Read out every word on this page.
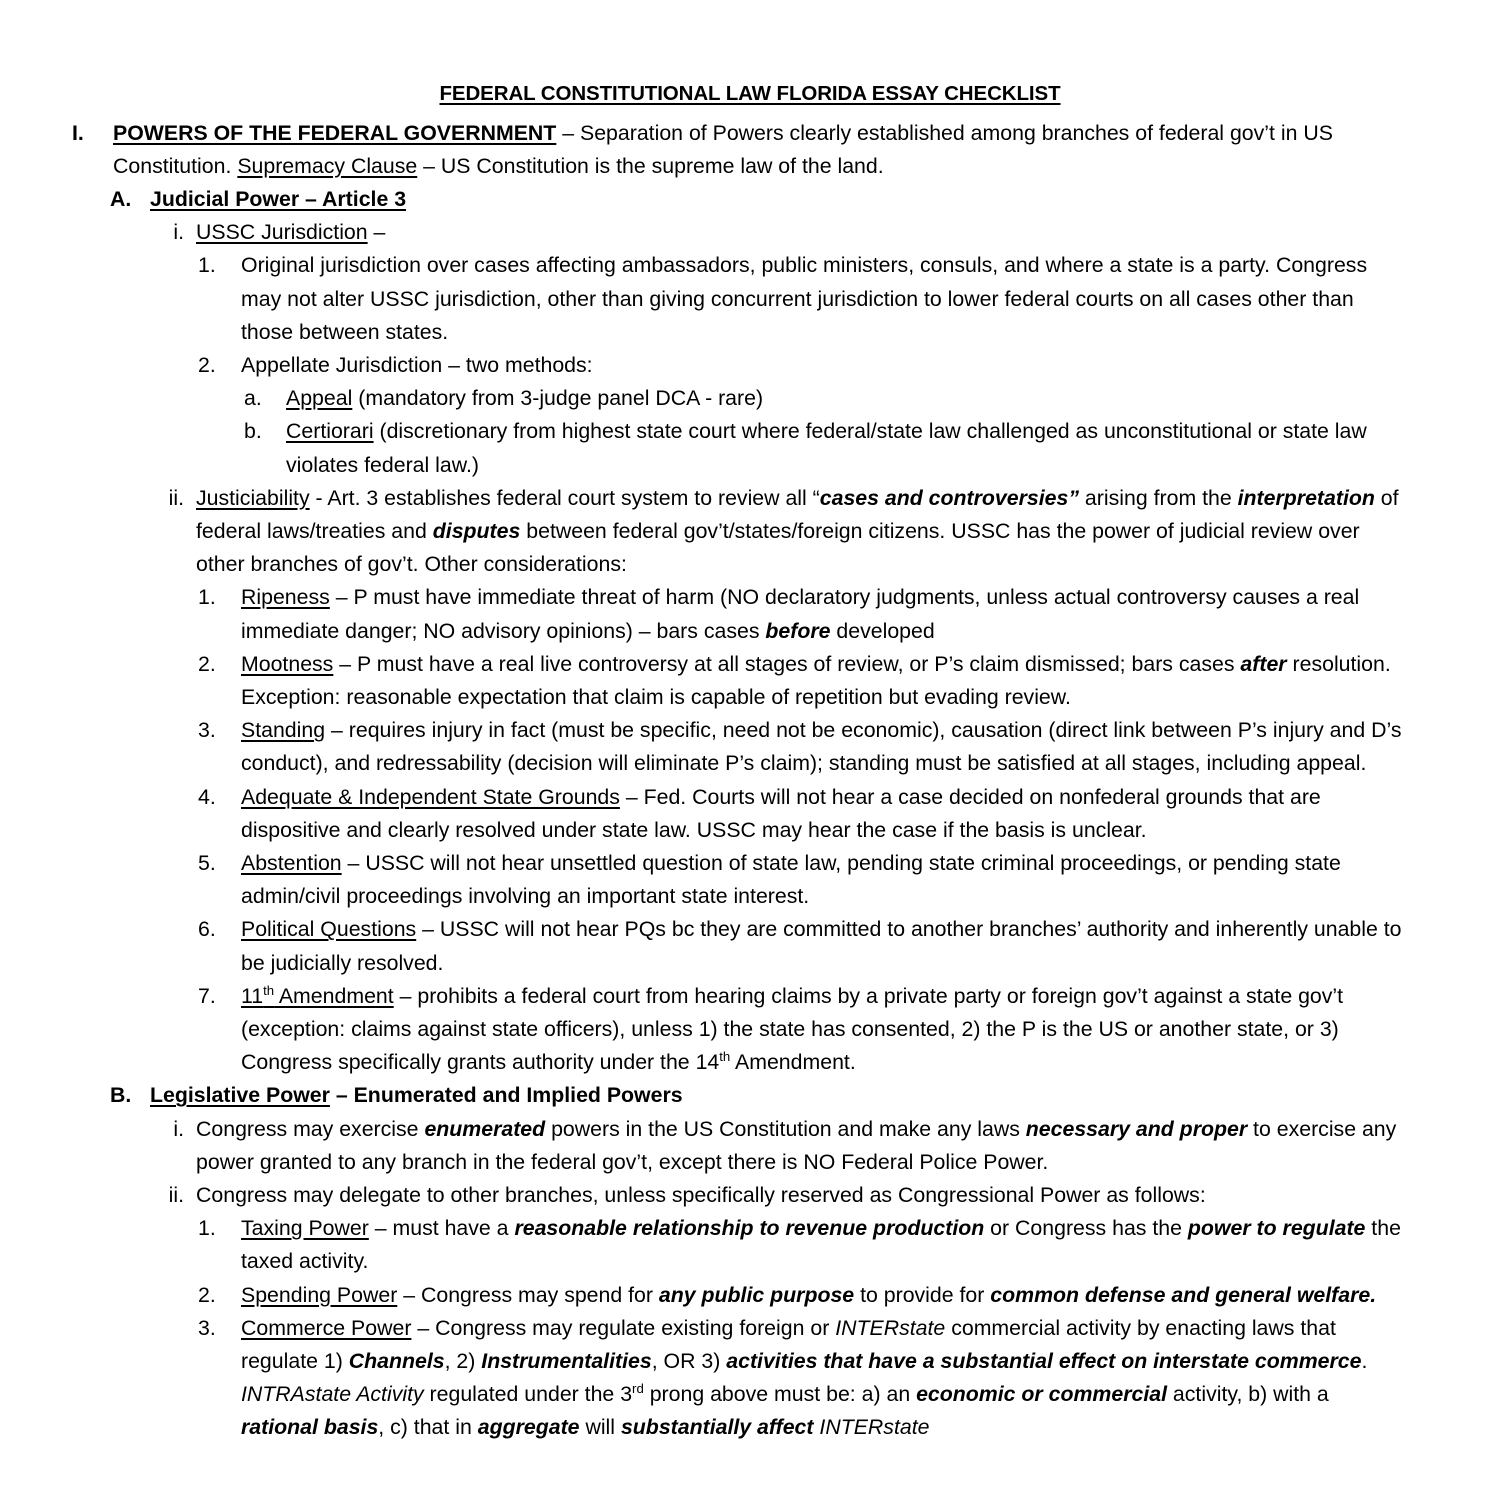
FEDERAL CONSTITUTIONAL LAW FLORIDA ESSAY CHECKLIST
I.	POWERS OF THE FEDERAL GOVERNMENT – Separation of Powers clearly established among branches of federal gov’t in US Constitution. Supremacy Clause – US Constitution is the supreme law of the land.
A. Judicial Power – Article 3
i. USSC Jurisdiction –
1.	Original jurisdiction over cases affecting ambassadors, public ministers, consuls, and where a state is a party. Congress may not alter USSC jurisdiction, other than giving concurrent jurisdiction to lower federal courts on all cases other than those between states.
2.	Appellate Jurisdiction – two methods:
a.	Appeal (mandatory from 3-judge panel DCA - rare)
b.	Certiorari (discretionary from highest state court where federal/state law challenged as unconstitutional or state law violates federal law.)
ii. Justiciability - Art. 3 establishes federal court system to review all “cases and controversies” arising from the interpretation of federal laws/treaties and disputes between federal gov’t/states/foreign citizens. USSC has the power of judicial review over other branches of gov’t. Other considerations:
1.	Ripeness – P must have immediate threat of harm (NO declaratory judgments, unless actual controversy causes a real immediate danger; NO advisory opinions) – bars cases before developed
2.	Mootness – P must have a real live controversy at all stages of review, or P’s claim dismissed; bars cases after resolution. Exception: reasonable expectation that claim is capable of repetition but evading review.
3.	Standing – requires injury in fact (must be specific, need not be economic), causation (direct link between P’s injury and D’s conduct), and redressability (decision will eliminate P’s claim); standing must be satisfied at all stages, including appeal.
4.	Adequate & Independent State Grounds – Fed. Courts will not hear a case decided on nonfederal grounds that are dispositive and clearly resolved under state law. USSC may hear the case if the basis is unclear.
5.	Abstention – USSC will not hear unsettled question of state law, pending state criminal proceedings, or pending state admin/civil proceedings involving an important state interest.
6.	Political Questions – USSC will not hear PQs bc they are committed to another branches’ authority and inherently unable to be judicially resolved.
7.	11th Amendment – prohibits a federal court from hearing claims by a private party or foreign gov’t against a state gov’t (exception: claims against state officers), unless 1) the state has consented, 2) the P is the US or another state, or 3) Congress specifically grants authority under the 14th Amendment.
B. Legislative Power – Enumerated and Implied Powers
i. Congress may exercise enumerated powers in the US Constitution and make any laws necessary and proper to exercise any power granted to any branch in the federal gov’t, except there is NO Federal Police Power.
ii. Congress may delegate to other branches, unless specifically reserved as Congressional Power as follows:
1.	Taxing Power – must have a reasonable relationship to revenue production or Congress has the power to regulate the taxed activity.
2.	Spending Power – Congress may spend for any public purpose to provide for common defense and general welfare.
3.	Commerce Power – Congress may regulate existing foreign or INTERstate commercial activity by enacting laws that regulate 1) Channels, 2) Instrumentalities, OR 3) activities that have a substantial effect on interstate commerce. INTRAstate Activity regulated under the 3rd prong above must be: a) an economic or commercial activity, b) with a rational basis, c) that in aggregate will substantially affect INTERstate
